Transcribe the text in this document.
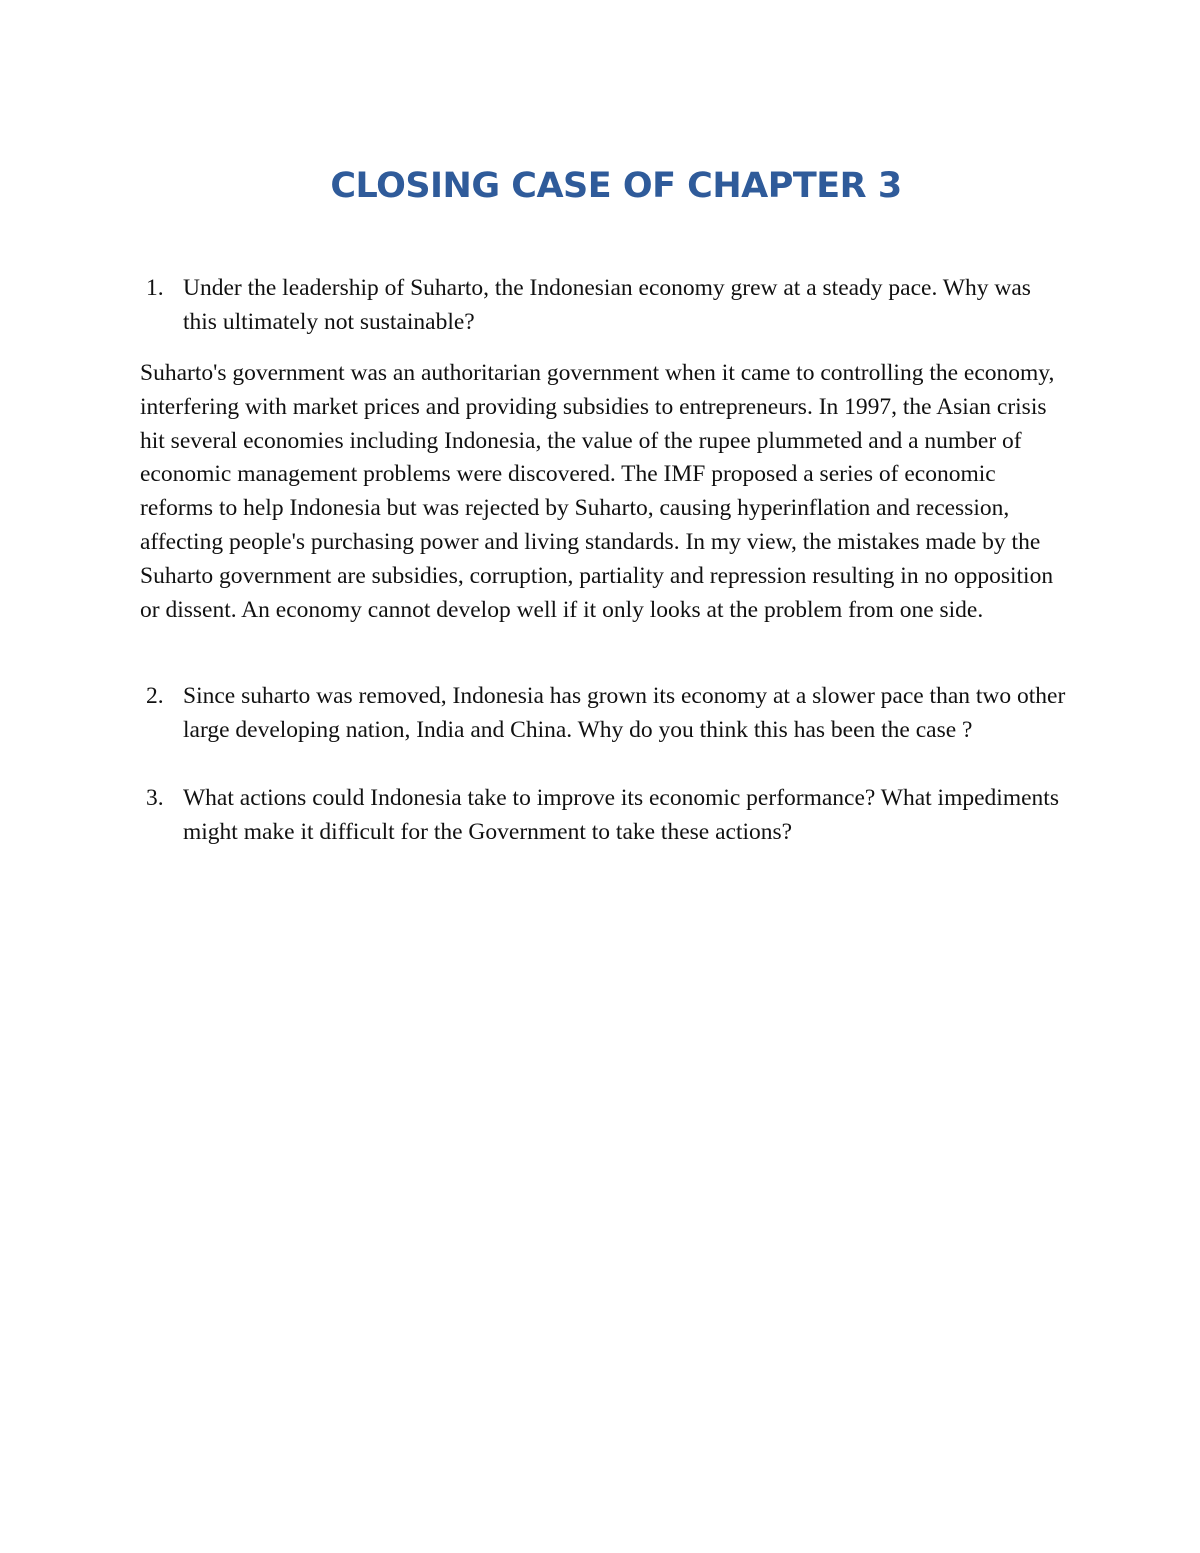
CLOSING CASE OF CHAPTER 3
1. Under the leadership of Suharto, the Indonesian economy grew at a steady pace. Why was this ultimately not sustainable?

Suharto's government was an authoritarian government when it came to controlling the economy, interfering with market prices and providing subsidies to entrepreneurs. In 1997, the Asian crisis hit several economies including Indonesia, the value of the rupee plummeted and a number of economic management problems were discovered. The IMF proposed a series of economic reforms to help Indonesia but was rejected by Suharto, causing hyperinflation and recession, affecting people's purchasing power and living standards. In my view, the mistakes made by the Suharto government are subsidies, corruption, partiality and repression resulting in no opposition or dissent. An economy cannot develop well if it only looks at the problem from one side.

2. Since suharto was removed, Indonesia has grown its economy at a slower pace than two other large developing nation, India and China. Why do you think this has been the case ?
3. What actions could Indonesia take to improve its economic performance? What impediments might make it difficult for the Government to take these actions?
